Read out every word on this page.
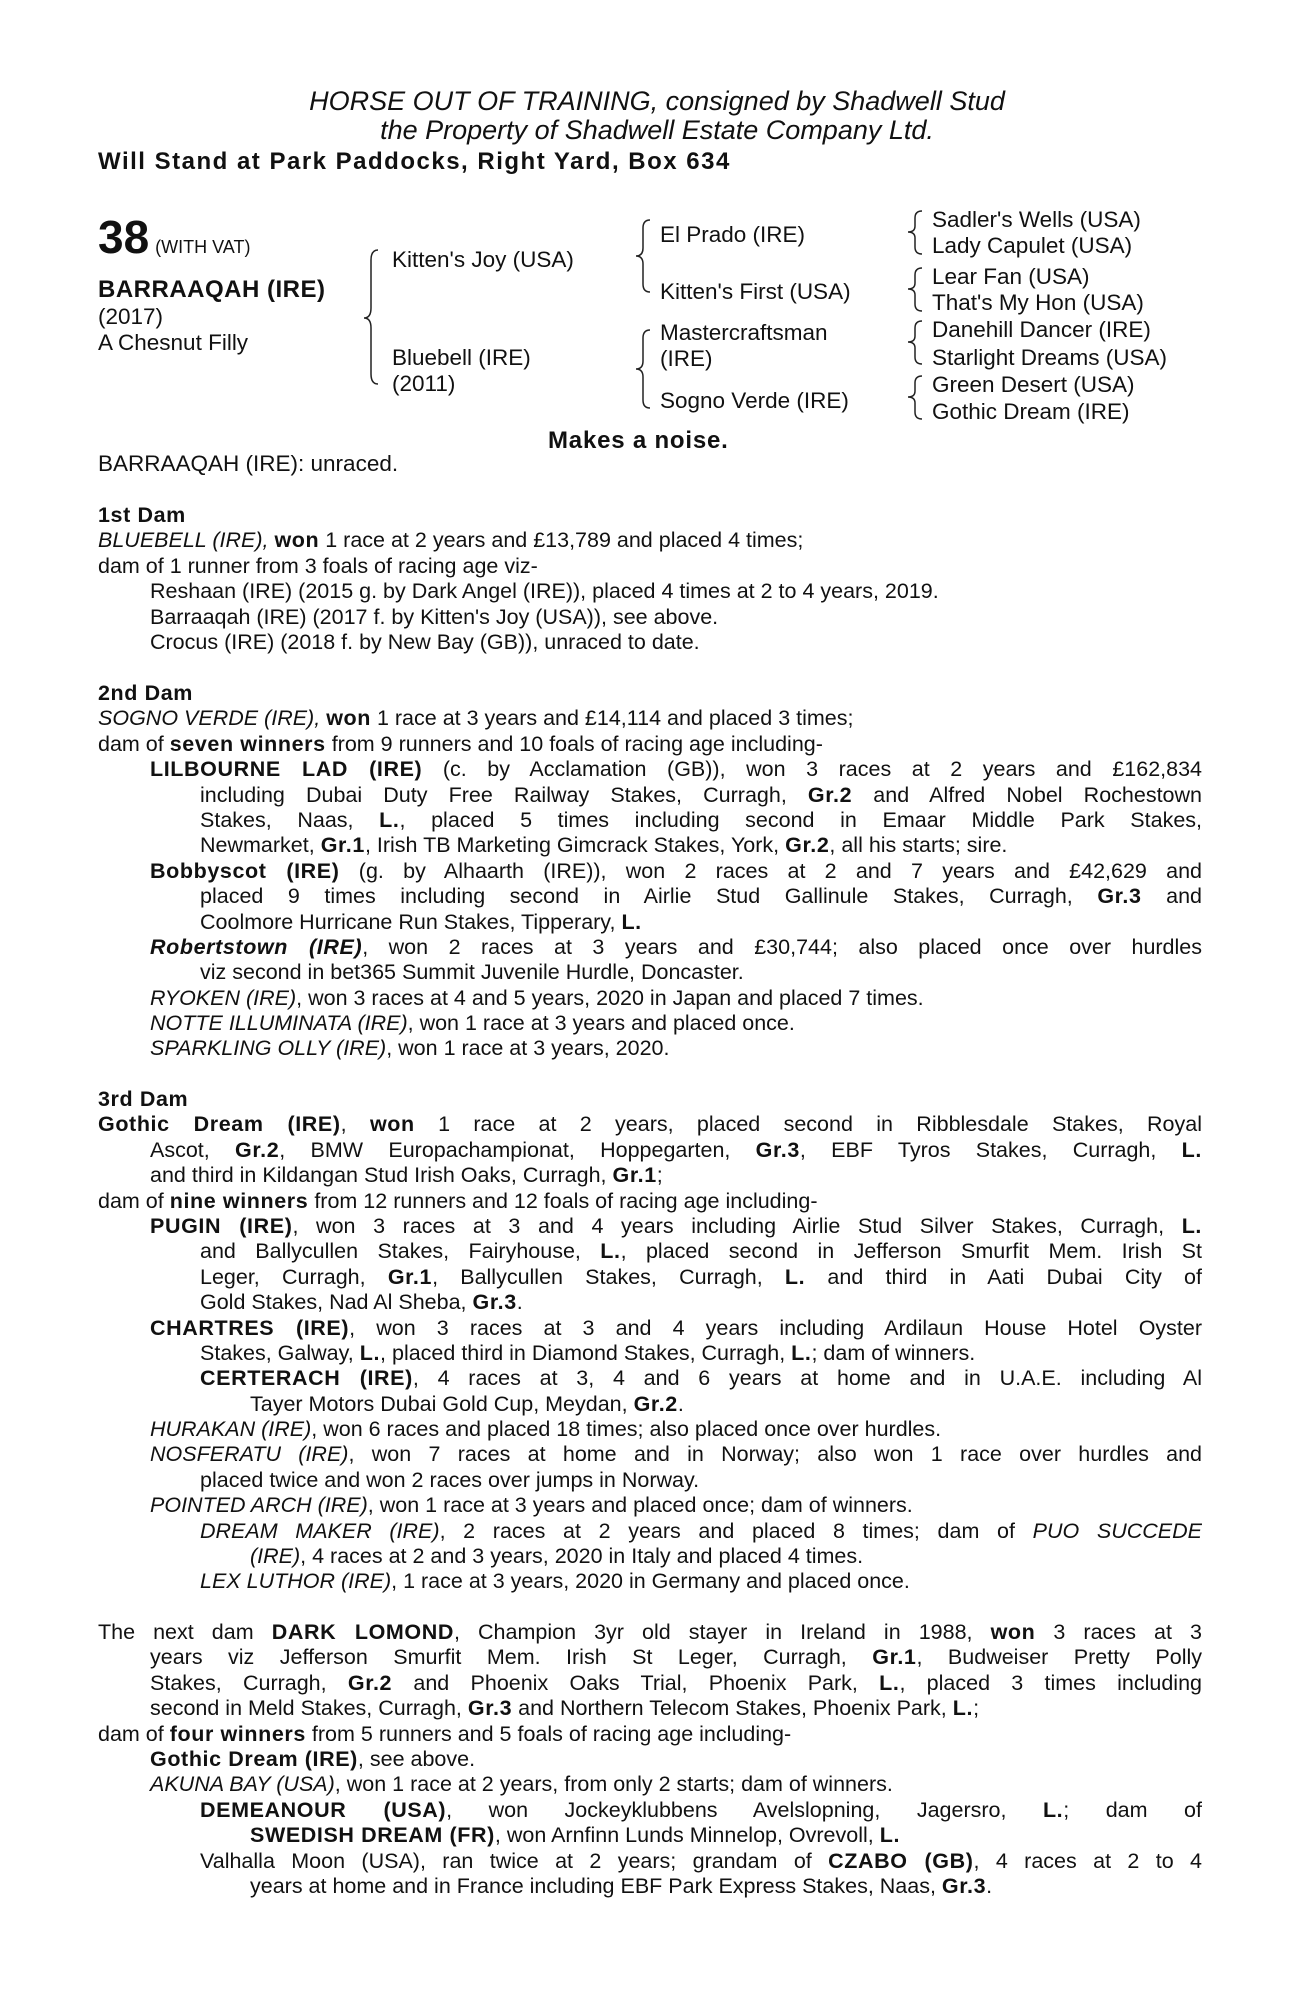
HORSE OUT OF TRAINING, consigned by Shadwell Stud
the Property of Shadwell Estate Company Ltd.
Will Stand at Park Paddocks, Right Yard, Box 634
38 (WITH VAT)
BARRAAQAH (IRE)
(2017)
A Chesnut Filly
BARRAAQAH (IRE): unraced.
Makes a noise.
Kitten's Joy (USA)
Bluebell (IRE)
(2011)
El Prado (IRE)
Kitten's First (USA)
Mastercraftsman
(IRE)
Sogno Verde (IRE)
Sadler's Wells (USA)
Lady Capulet (USA)
Lear Fan (USA)
That's My Hon (USA)
Danehill Dancer (IRE)
Starlight Dreams (USA)
Green Desert (USA)
Gothic Dream (IRE)
1st Dam
BLUEBELL (IRE), won 1 race at 2 years and £13,789 and placed 4 times;
dam of 1 runner from 3 foals of racing age viz-
Reshaan (IRE) (2015 g. by Dark Angel (IRE)), placed 4 times at 2 to 4 years, 2019.
Barraaqah (IRE) (2017 f. by Kitten's Joy (USA)), see above.
Crocus (IRE) (2018 f. by New Bay (GB)), unraced to date.
2nd Dam
SOGNO VERDE (IRE), won 1 race at 3 years and £14,114 and placed 3 times;
dam of seven winners from 9 runners and 10 foals of racing age including-
LILBOURNE LAD (IRE) (c. by Acclamation (GB)), won 3 races at 2 years and £162,834
including Dubai Duty Free Railway Stakes, Curragh, Gr.2 and Alfred Nobel Rochestown
Stakes, Naas, L., placed 5 times including second in Emaar Middle Park Stakes,
Newmarket, Gr.1, Irish TB Marketing Gimcrack Stakes, York, Gr.2, all his starts; sire.
Bobbyscot (IRE) (g. by Alhaarth (IRE)), won 2 races at 2 and 7 years and £42,629 and
placed 9 times including second in Airlie Stud Gallinule Stakes, Curragh, Gr.3 and
Coolmore Hurricane Run Stakes, Tipperary, L.
Robertstown (IRE), won 2 races at 3 years and £30,744; also placed once over hurdles
viz second in bet365 Summit Juvenile Hurdle, Doncaster.
RYOKEN (IRE), won 3 races at 4 and 5 years, 2020 in Japan and placed 7 times.
NOTTE ILLUMINATA (IRE), won 1 race at 3 years and placed once.
SPARKLING OLLY (IRE), won 1 race at 3 years, 2020.
3rd Dam
Gothic Dream (IRE), won 1 race at 2 years, placed second in Ribblesdale Stakes, Royal
Ascot, Gr.2, BMW Europachampionat, Hoppegarten, Gr.3, EBF Tyros Stakes, Curragh, L.
and third in Kildangan Stud Irish Oaks, Curragh, Gr.1;
dam of nine winners from 12 runners and 12 foals of racing age including-
PUGIN (IRE), won 3 races at 3 and 4 years including Airlie Stud Silver Stakes, Curragh, L.
and Ballycullen Stakes, Fairyhouse, L., placed second in Jefferson Smurfit Mem. Irish St
Leger, Curragh, Gr.1, Ballycullen Stakes, Curragh, L. and third in Aati Dubai City of
Gold Stakes, Nad Al Sheba, Gr.3.
CHARTRES (IRE), won 3 races at 3 and 4 years including Ardilaun House Hotel Oyster
Stakes, Galway, L., placed third in Diamond Stakes, Curragh, L.; dam of winners.
CERTERACH (IRE), 4 races at 3, 4 and 6 years at home and in U.A.E. including Al
Tayer Motors Dubai Gold Cup, Meydan, Gr.2.
HURAKAN (IRE), won 6 races and placed 18 times; also placed once over hurdles.
NOSFERATU (IRE), won 7 races at home and in Norway; also won 1 race over hurdles and
placed twice and won 2 races over jumps in Norway.
POINTED ARCH (IRE), won 1 race at 3 years and placed once; dam of winners.
DREAM MAKER (IRE), 2 races at 2 years and placed 8 times; dam of PUO SUCCEDE
(IRE), 4 races at 2 and 3 years, 2020 in Italy and placed 4 times.
LEX LUTHOR (IRE), 1 race at 3 years, 2020 in Germany and placed once.
The next dam DARK LOMOND, Champion 3yr old stayer in Ireland in 1988, won 3 races at 3
years viz Jefferson Smurfit Mem. Irish St Leger, Curragh, Gr.1, Budweiser Pretty Polly
Stakes, Curragh, Gr.2 and Phoenix Oaks Trial, Phoenix Park, L., placed 3 times including
second in Meld Stakes, Curragh, Gr.3 and Northern Telecom Stakes, Phoenix Park, L.;
dam of four winners from 5 runners and 5 foals of racing age including-
Gothic Dream (IRE), see above.
AKUNA BAY (USA), won 1 race at 2 years, from only 2 starts; dam of winners.
DEMEANOUR (USA), won Jockeyklubbens Avelslopning, Jagersro, L.; dam of
SWEDISH DREAM (FR), won Arnfinn Lunds Minnelop, Ovrevoll, L.
Valhalla Moon (USA), ran twice at 2 years; grandam of CZABO (GB), 4 races at 2 to 4
years at home and in France including EBF Park Express Stakes, Naas, Gr.3.
